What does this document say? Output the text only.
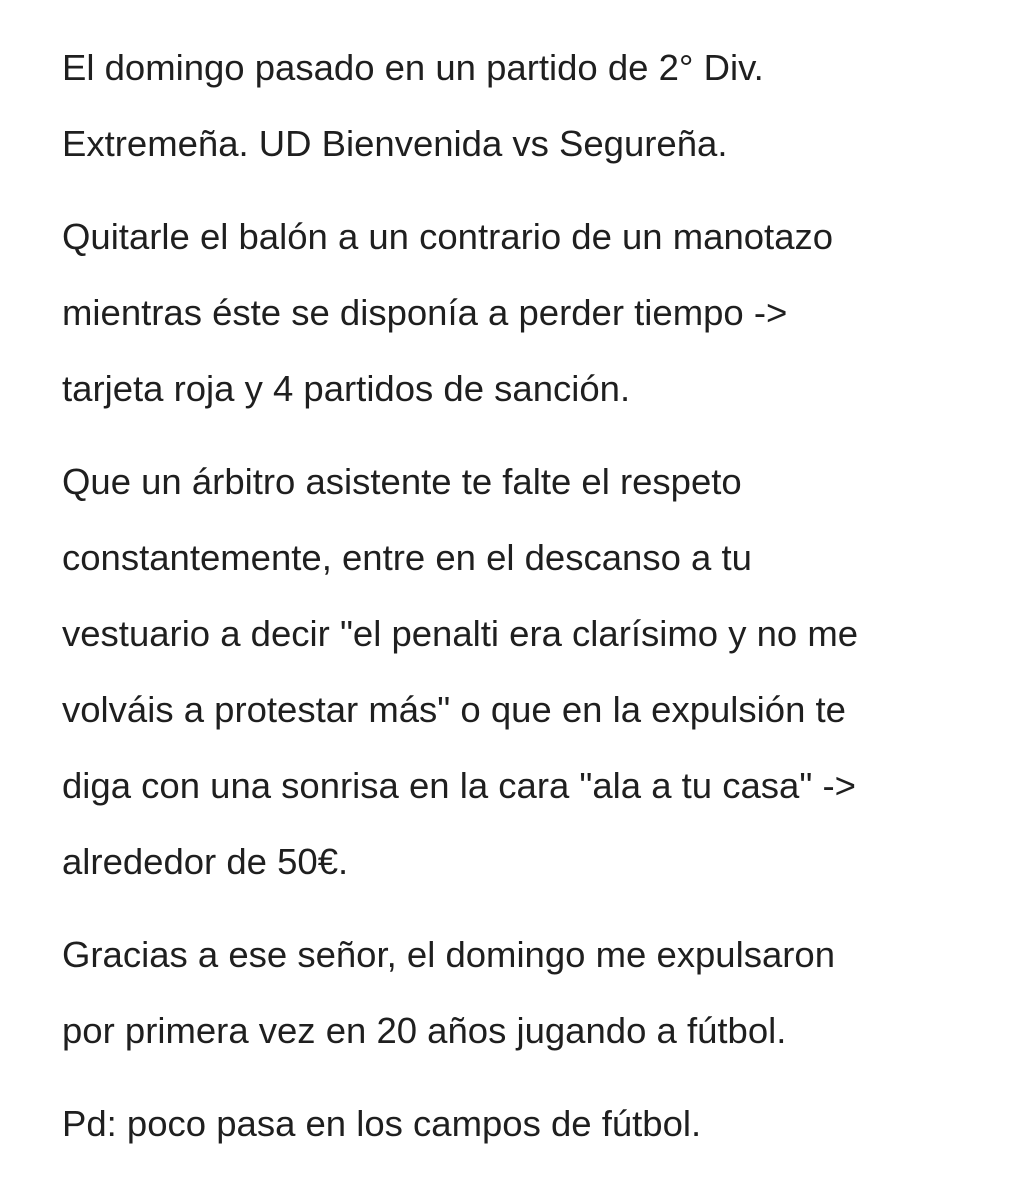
El domingo pasado en un partido de 2° Div.
Extremeña. UD Bienvenida vs Segureña.

Quitarle el balón a un contrario de un manotazo
mientras éste se disponía a perder tiempo ->
tarjeta roja y 4 partidos de sanción.

Que un árbitro asistente te falte el respeto
constantemente, entre en el descanso a tu
vestuario a decir "el penalti era clarísimo y no me
volváis a protestar más" o que en la expulsión te
diga con una sonrisa en la cara "ala a tu casa" ->
alrededor de 50€.

Gracias a ese señor, el domingo me expulsaron
por primera vez en 20 años jugando a fútbol.

Pd: poco pasa en los campos de fútbol.
